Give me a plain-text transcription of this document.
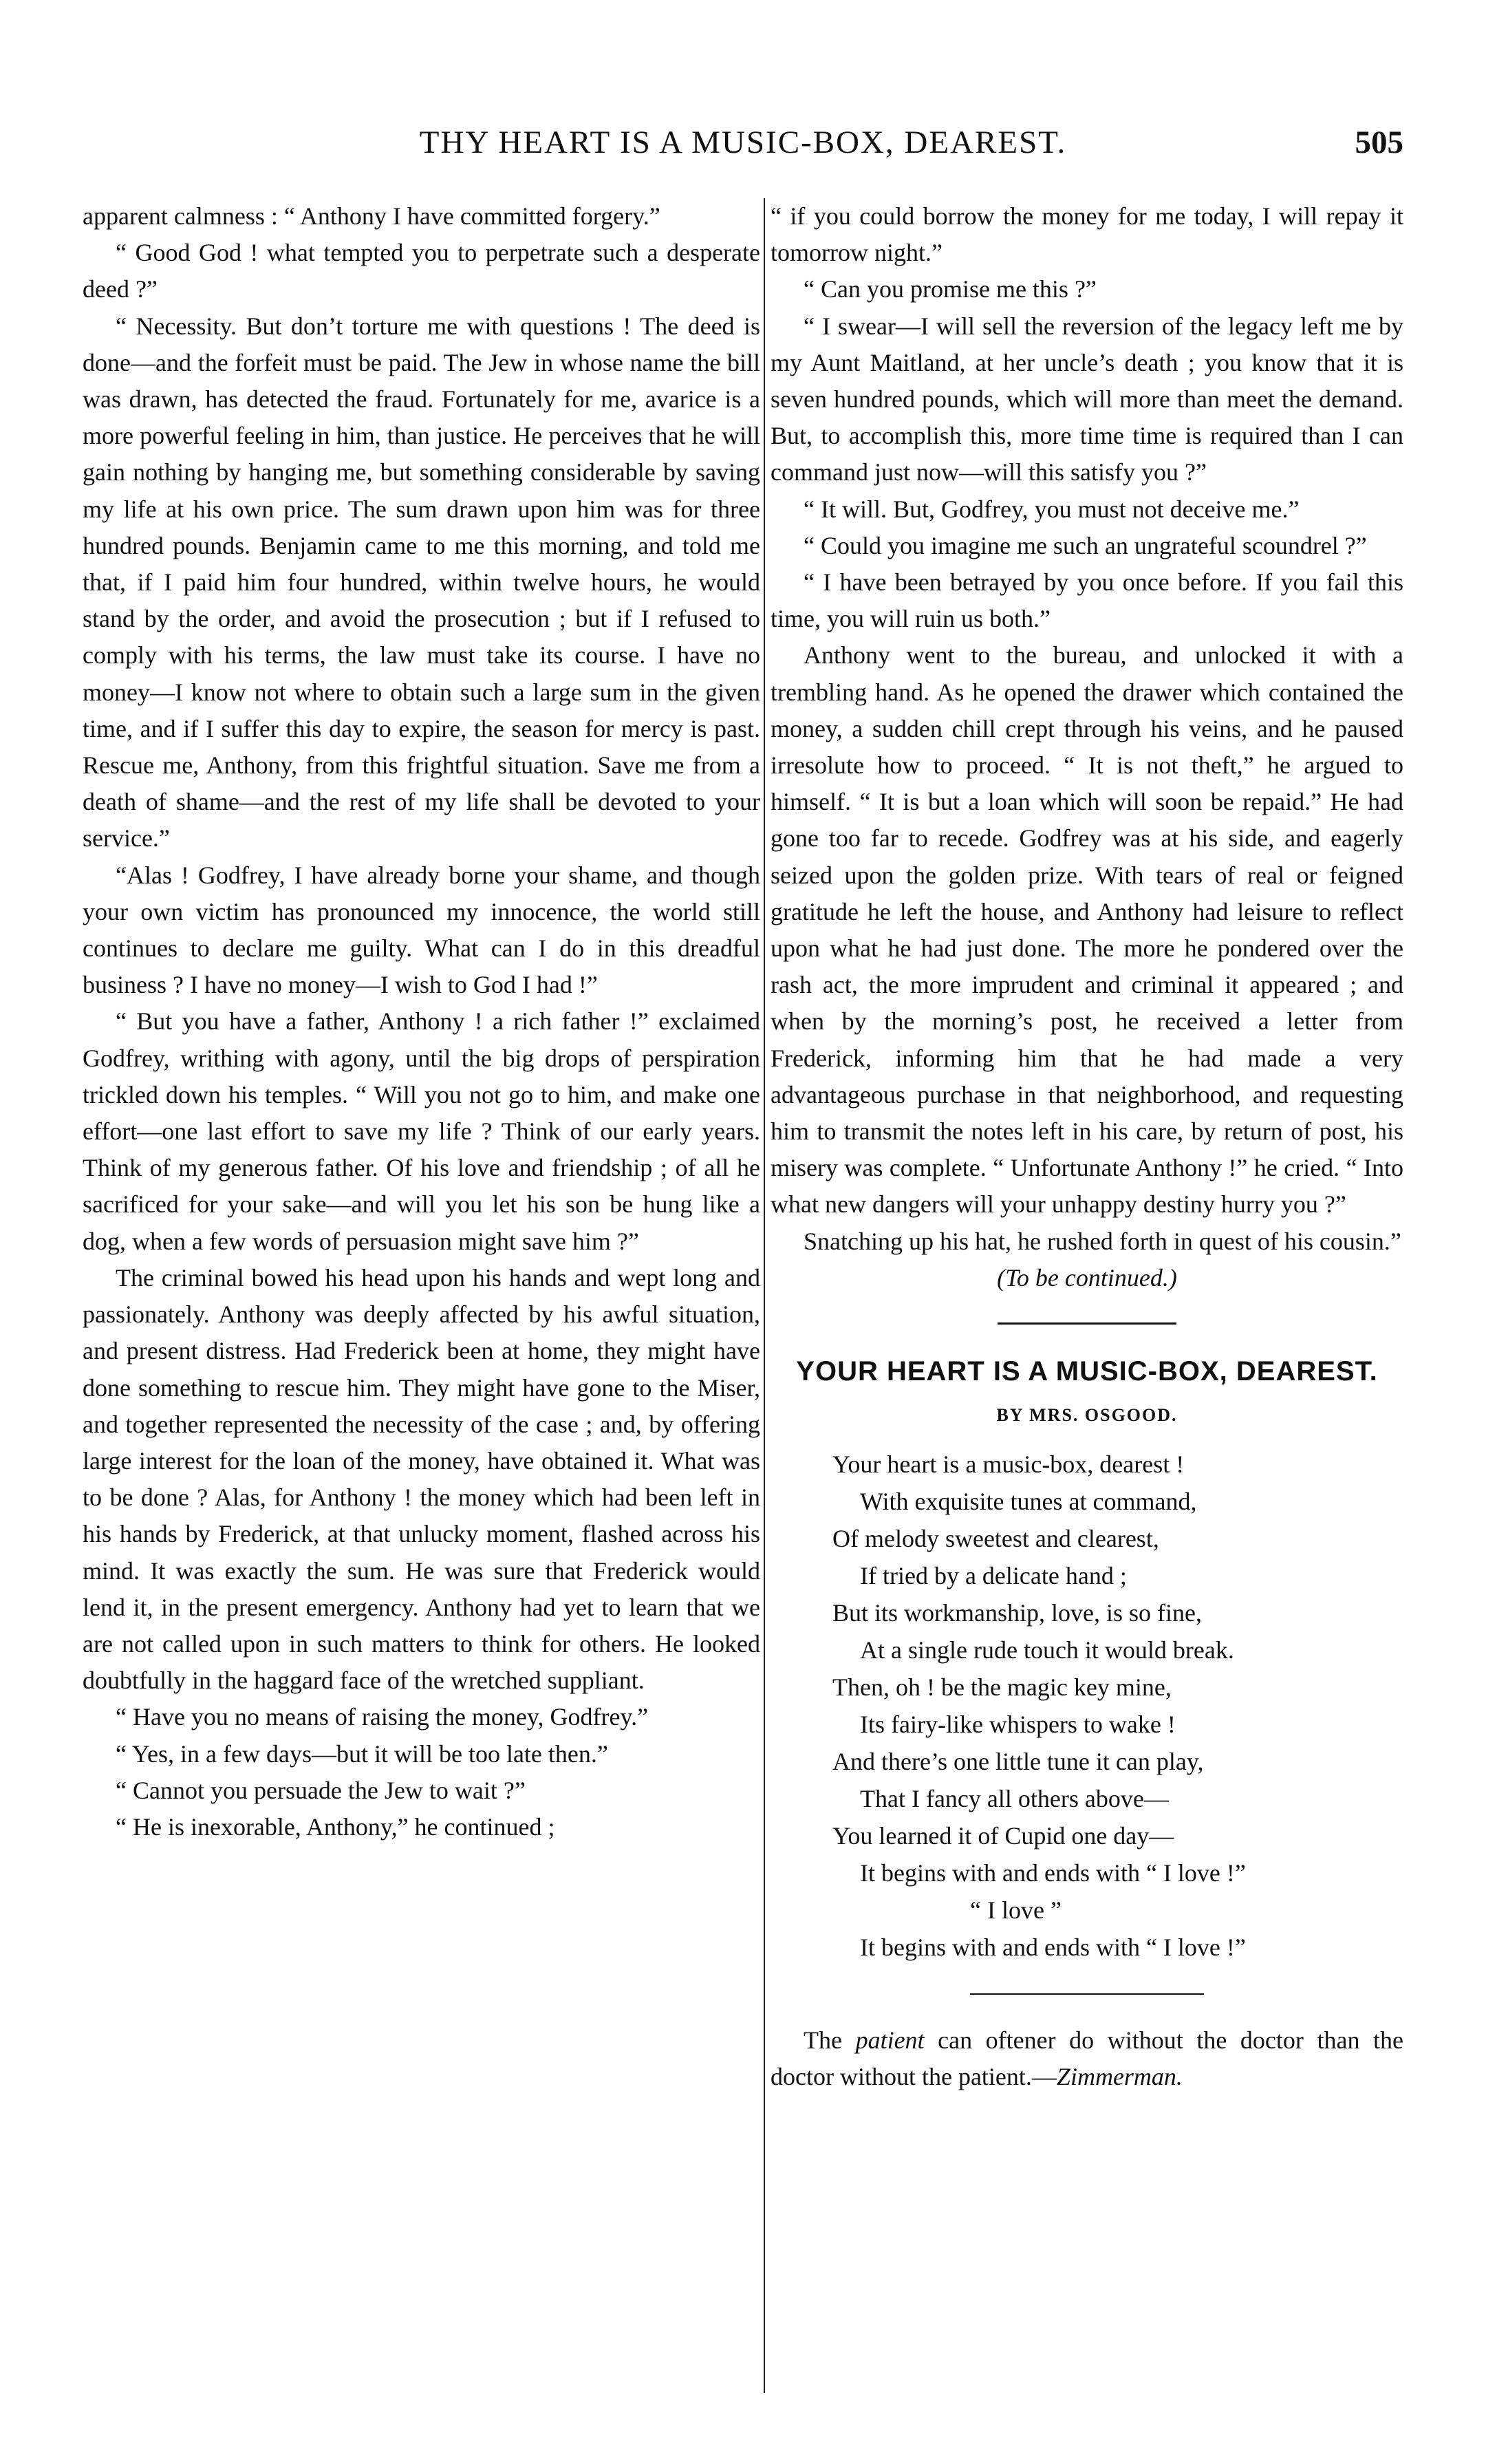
THY HEART IS A MUSIC-BOX, DEAREST.	505

apparent calmness : “ Anthony I have committed forgery.”

“ Good God ! what tempted you to perpetrate such a desperate deed ?”

“ Necessity. But don’t torture me with questions ! The deed is done—and the forfeit must be paid. The Jew in whose name the bill was drawn, has detected the fraud. Fortunately for me, avarice is a more powerful feeling in him, than justice. He perceives that he will gain nothing by hanging me, but something considerable by saving my life at his own price. The sum drawn upon him was for three hundred pounds. Benjamin came to me this morning, and told me that, if I paid him four hundred, within twelve hours, he would stand by the order, and avoid the prosecution ; but if I refused to comply with his terms, the law must take its course. I have no money—I know not where to obtain such a large sum in the given time, and if I suffer this day to expire, the season for mercy is past. Rescue me, Anthony, from this frightful situation. Save me from a death of shame—and the rest of my life shall be devoted to your service.”

“Alas ! Godfrey, I have already borne your shame, and though your own victim has pronounced my innocence, the world still continues to declare me guilty. What can I do in this dreadful business ? I have no money—I wish to God I had !”

“ But you have a father, Anthony ! a rich father !” exclaimed Godfrey, writhing with agony, until the big drops of perspiration trickled down his temples. “ Will you not go to him, and make one effort—one last effort to save my life ? Think of our early years. Think of my generous father. Of his love and friendship ; of all he sacrificed for your sake—and will you let his son be hung like a dog, when a few words of persuasion might save him ?”

The criminal bowed his head upon his hands and wept long and passionately. Anthony was deeply affected by his awful situation, and present distress. Had Frederick been at home, they might have done something to rescue him. They might have gone to the Miser, and together represented the necessity of the case ; and, by offering large interest for the loan of the money, have obtained it. What was to be done ? Alas, for Anthony ! the money which had been left in his hands by Frederick, at that unlucky moment, flashed across his mind. It was exactly the sum. He was sure that Frederick would lend it, in the present emergency. Anthony had yet to learn that we are not called upon in such matters to think for others. He looked doubtfully in the haggard face of the wretched suppliant.

“ Have you no means of raising the money, Godfrey.”

“ Yes, in a few days—but it will be too late then.”

“ Cannot you persuade the Jew to wait ?”

“ He is inexorable, Anthony,” he continued ;

“ if you could borrow the money for me today, I will repay it tomorrow night.”

“ Can you promise me this ?”

“ I swear—I will sell the reversion of the legacy left me by my Aunt Maitland, at her uncle’s death ; you know that it is seven hundred pounds, which will more than meet the demand. But, to accomplish this, more time time is required than I can command just now—will this satisfy you ?”

“ It will. But, Godfrey, you must not deceive me.”

“ Could you imagine me such an ungrateful scoundrel ?”

“ I have been betrayed by you once before. If you fail this time, you will ruin us both.”

Anthony went to the bureau, and unlocked it with a trembling hand. As he opened the drawer which contained the money, a sudden chill crept through his veins, and he paused irresolute how to proceed. “ It is not theft,” he argued to himself. “ It is but a loan which will soon be repaid.” He had gone too far to recede. Godfrey was at his side, and eagerly seized upon the golden prize. With tears of real or feigned gratitude he left the house, and Anthony had leisure to reflect upon what he had just done. The more he pondered over the rash act, the more imprudent and criminal it appeared ; and when by the morning’s post, he received a letter from Frederick, informing him that he had made a very advantageous purchase in that neighborhood, and requesting him to transmit the notes left in his care, by return of post, his misery was complete. “ Unfortunate Anthony !” he cried. “ Into what new dangers will your unhappy destiny hurry you ?”

Snatching up his hat, he rushed forth in quest of his cousin.”

(To be continued.)

YOUR HEART IS A MUSIC-BOX, DEAREST.
BY MRS. OSGOOD.
Your heart is a music-box, dearest !
With exquisite tunes at command,
Of melody sweetest and clearest,
If tried by a delicate hand ;
But its workmanship, love, is so fine,
At a single rude touch it would break.
Then, oh ! be the magic key mine,
Its fairy-like whispers to wake !
And there’s one little tune it can play,
That I fancy all others above—
You learned it of Cupid one day—
It begins with and ends with “ I love !”
“ I love ”
It begins with and ends with “ I love !”

The patient can oftener do without the doctor than the doctor without the patient.—Zimmerman.
